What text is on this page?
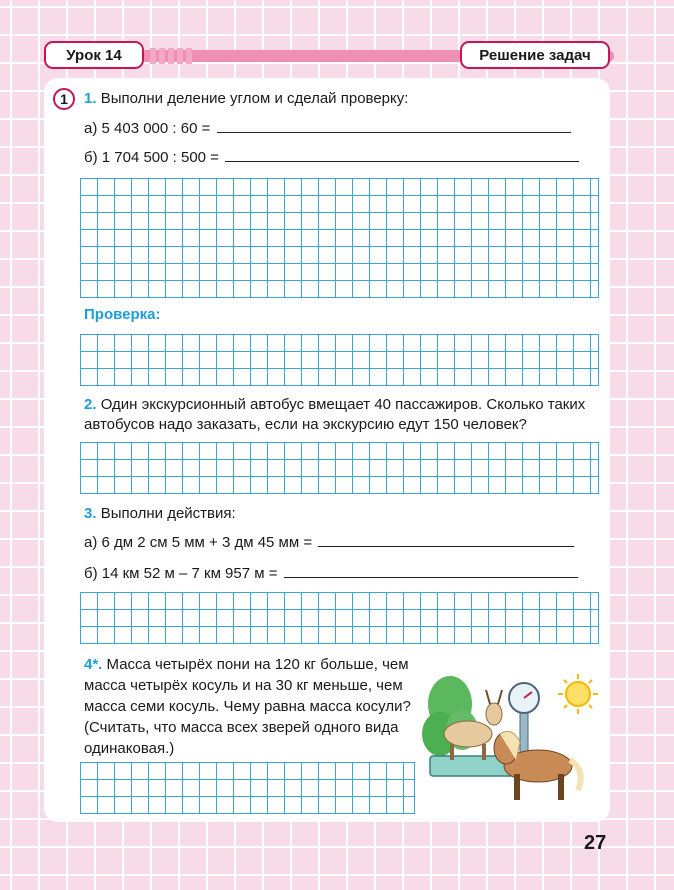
Урок 14	Решение задач
1	1. Выполни деление углом и сделай проверку:
а) 5 403 000 : 60 =
б) 1 704 500 : 500 =
Проверка:
2. Один экскурсионный автобус вмещает 40 пассажиров. Сколько таких
автобусов надо заказать, если на экскурсию едут 150 человек?
3. Выполни действия:
а) 6 дм 2 см 5 мм + 3 дм 45 мм =
б) 14 км 52 м – 7 км 957 м =
4*. Масса четырёх пони на 120 кг больше, чем
масса четырёх косуль и на 30 кг меньше, чем
масса семи косуль. Чему равна масса косули?
(Считать, что масса всех зверей одного вида
одинаковая.)
27
